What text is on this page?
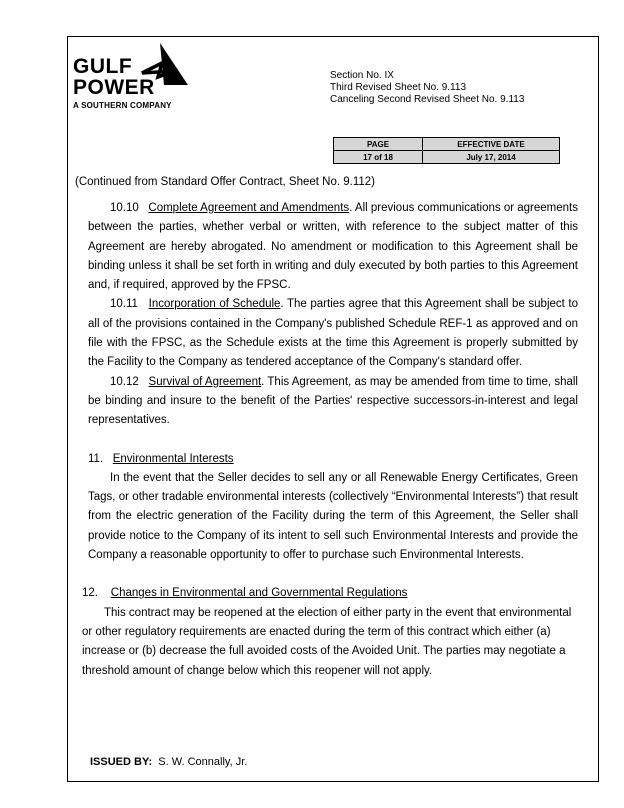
GULF
POWER
A SOUTHERN COMPANY
Section No. IX
Third Revised Sheet No. 9.113
Canceling Second Revised Sheet No. 9.113
PAGE	EFFECTIVE DATE
17 of 18	July 17, 2014
(Continued from Standard Offer Contract, Sheet No. 9.112)

10.10 Complete Agreement and Amendments. All previous communications or agreements between the parties, whether verbal or written, with reference to the subject matter of this Agreement are hereby abrogated. No amendment or modification to this Agreement shall be binding unless it shall be set forth in writing and duly executed by both parties to this Agreement and, if required, approved by the FPSC.

10.11 Incorporation of Schedule. The parties agree that this Agreement shall be subject to all of the provisions contained in the Company's published Schedule REF-1 as approved and on file with the FPSC, as the Schedule exists at the time this Agreement is properly submitted by the Facility to the Company as tendered acceptance of the Company's standard offer.

10.12 Survival of Agreement. This Agreement, as may be amended from time to time, shall be binding and insure to the benefit of the Parties' respective successors-in-interest and legal representatives.

11. Environmental Interests

In the event that the Seller decides to sell any or all Renewable Energy Certificates, Green Tags, or other tradable environmental interests (collectively “Environmental Interests”) that result from the electric generation of the Facility during the term of this Agreement, the Seller shall provide notice to the Company of its intent to sell such Environmental Interests and provide the Company a reasonable opportunity to offer to purchase such Environmental Interests.

12. Changes in Environmental and Governmental Regulations

This contract may be reopened at the election of either party in the event that environmental
or other regulatory requirements are enacted during the term of this contract which either (a)
increase or (b) decrease the full avoided costs of the Avoided Unit. The parties may negotiate a
threshold amount of change below which this reopener will not apply.
ISSUED BY: S. W. Connally, Jr.
